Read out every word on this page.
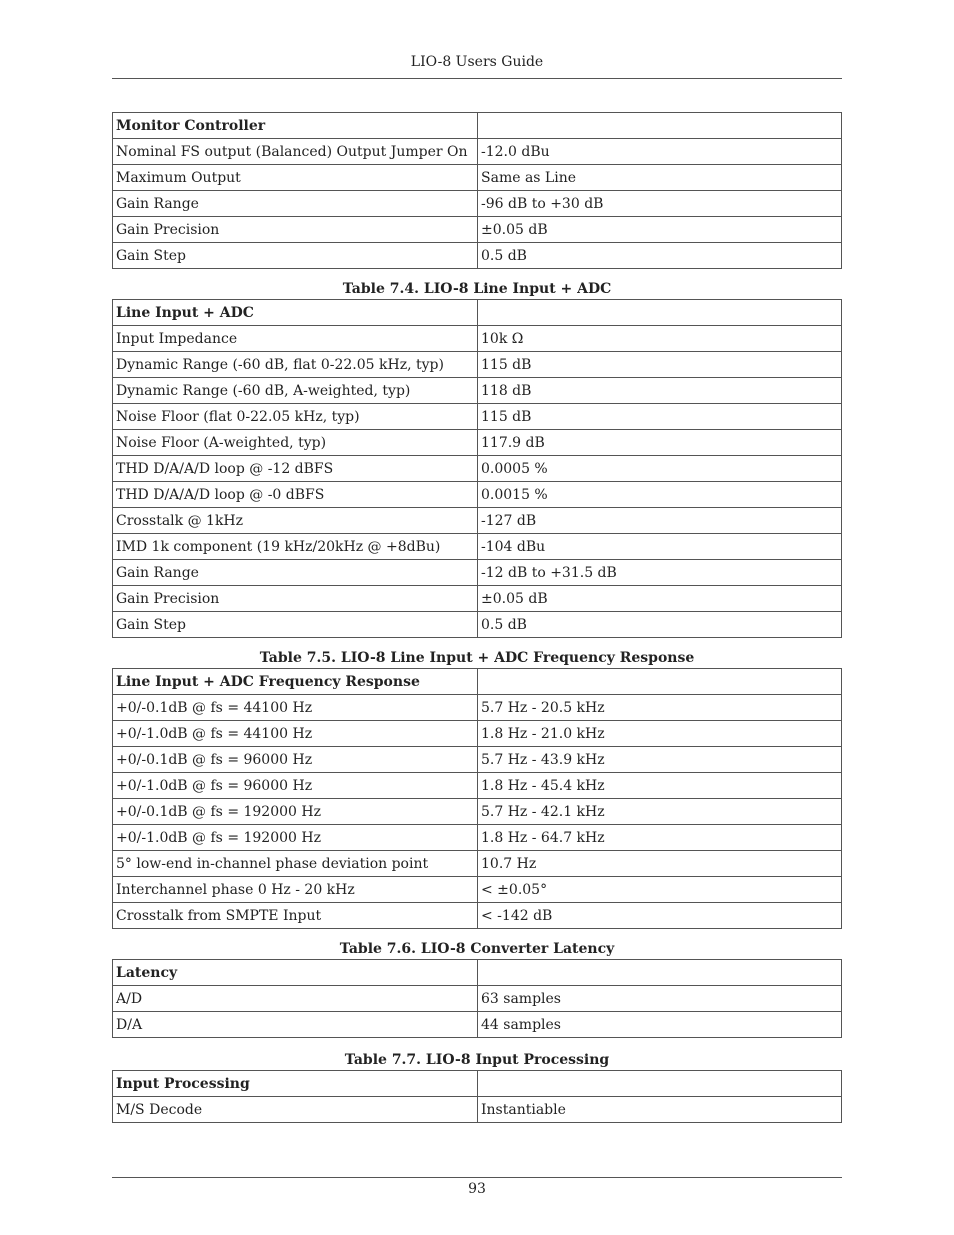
LIO-8 Users Guide
Monitor Controller	
Nominal FS output (Balanced) Output Jumper On	-12.0 dBu
Maximum Output	Same as Line
Gain Range	-96 dB to +30 dB
Gain Precision	±0.05 dB
Gain Step	0.5 dB
Table 7.4. LIO-8 Line Input + ADC
Line Input + ADC	
Input Impedance	10k Ω
Dynamic Range (-60 dB, flat 0-22.05 kHz, typ)	115 dB
Dynamic Range (-60 dB, A-weighted, typ)	118 dB
Noise Floor (flat 0-22.05 kHz, typ)	115 dB
Noise Floor (A-weighted, typ)	117.9 dB
THD D/A/A/D loop @ -12 dBFS	0.0005 %
THD D/A/A/D loop @ -0 dBFS	0.0015 %
Crosstalk @ 1kHz	-127 dB
IMD 1k component (19 kHz/20kHz @ +8dBu)	-104 dBu
Gain Range	-12 dB to +31.5 dB
Gain Precision	±0.05 dB
Gain Step	0.5 dB
Table 7.5. LIO-8 Line Input + ADC Frequency Response
Line Input + ADC Frequency Response	
+0/-0.1dB @ fs = 44100 Hz	5.7 Hz - 20.5 kHz
+0/-1.0dB @ fs = 44100 Hz	1.8 Hz - 21.0 kHz
+0/-0.1dB @ fs = 96000 Hz	5.7 Hz - 43.9 kHz
+0/-1.0dB @ fs = 96000 Hz	1.8 Hz - 45.4 kHz
+0/-0.1dB @ fs = 192000 Hz	5.7 Hz - 42.1 kHz
+0/-1.0dB @ fs = 192000 Hz	1.8 Hz - 64.7 kHz
5° low-end in-channel phase deviation point	10.7 Hz
Interchannel phase 0 Hz - 20 kHz	< ±0.05°
Crosstalk from SMPTE Input	< -142 dB
Table 7.6. LIO-8 Converter Latency
Latency	
A/D	63 samples
D/A	44 samples
Table 7.7. LIO-8 Input Processing
Input Processing	
M/S Decode	Instantiable
93
